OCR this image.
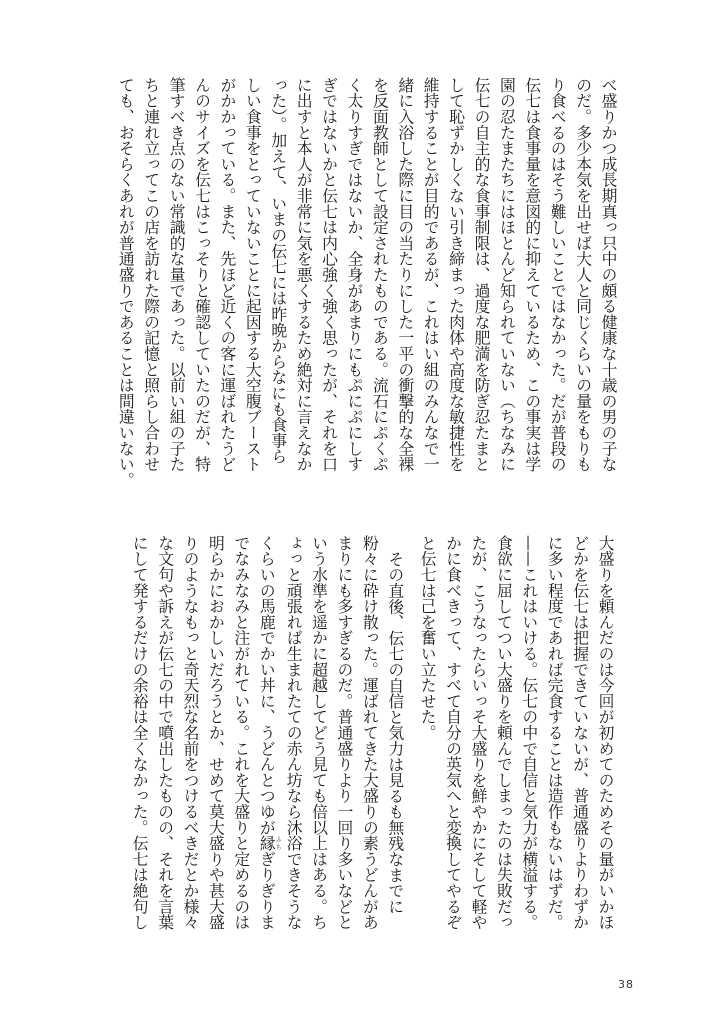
べ盛りかつ成長期真っ只中の頗る健康な十歳の男の子な
のだ。多少本気を出せば大人と同じくらいの量をもりも
り食べるのはそう難しいことではなかった。だが普段の
伝七は食事量を意図的に抑えているため、この事実は学
園の忍たまたちにはほとんど知られていない（ちなみに
伝七の自主的な食事制限は、過度な肥満を防ぎ忍たまと
して恥ずかしくない引き締まった肉体や高度な敏捷性を
維持することが目的であるが、これはい組のみんなで一
緒に入浴した際に目の当たりにした一平の衝撃的な全裸
を反面教師として設定されたものである。流石にぷくぷ
く太りすぎではないか、全身があまりにもぷにぷにしす
ぎではないかと伝七は内心強く強く思ったが、それを口
に出すと本人が非常に気を悪くするため絶対に言えなか
った）。加えて、いまの伝七には昨晩からなにも食事ら
しい食事をとっていないことに起因する大空腹ブースト
がかかっている。また、先ほど近くの客に運ばれたうど
んのサイズを伝七はこっそりと確認していたのだが、特
筆すべき点のない常識的な量であった。以前い組の子た
ちと連れ立ってこの店を訪れた際の記憶と照らし合わせ
ても、おそらくあれが普通盛りであることは間違いない。
大盛りを頼んだのは今回が初めてのためその量がいかほ
どかを伝七は把握できていないが、普通盛りよりわずか
に多い程度であれば完食することは造作もないはずだ。
——これはいける。伝七の中で自信と気力が横溢する。
食欲に屈してつい大盛りを頼んでしまったのは失敗だっ
たが、こうなったらいっそ大盛りを鮮やかにそして軽や
かに食べきって、すべて自分の英気へと変換してやるぞ
と伝七は己を奮い立たせた。
その直後、伝七の自信と気力は見るも無残なまでに
粉々に砕け散った。運ばれてきた大盛りの素うどんがあ
まりにも多すぎるのだ。普通盛りより一回り多いなどと
いう水準を遥かに超越してどう見ても倍以上はある。ち
ょっと頑張れば生まれたての赤ん坊なら沐浴できそうな
くらいの馬鹿でかい丼に、うどんとつゆが縁ふちぎりぎりま
でなみなみと注がれている。これを大盛りと定めるのは
明らかにおかしいだろうとか、せめて莫大盛りや甚大盛
りのようなもっと奇天烈な名前をつけるべきだとか様々
な文句や訴えが伝七の中で噴出したものの、それを言葉
にして発するだけの余裕は全くなかった。伝七は絶句し
38
